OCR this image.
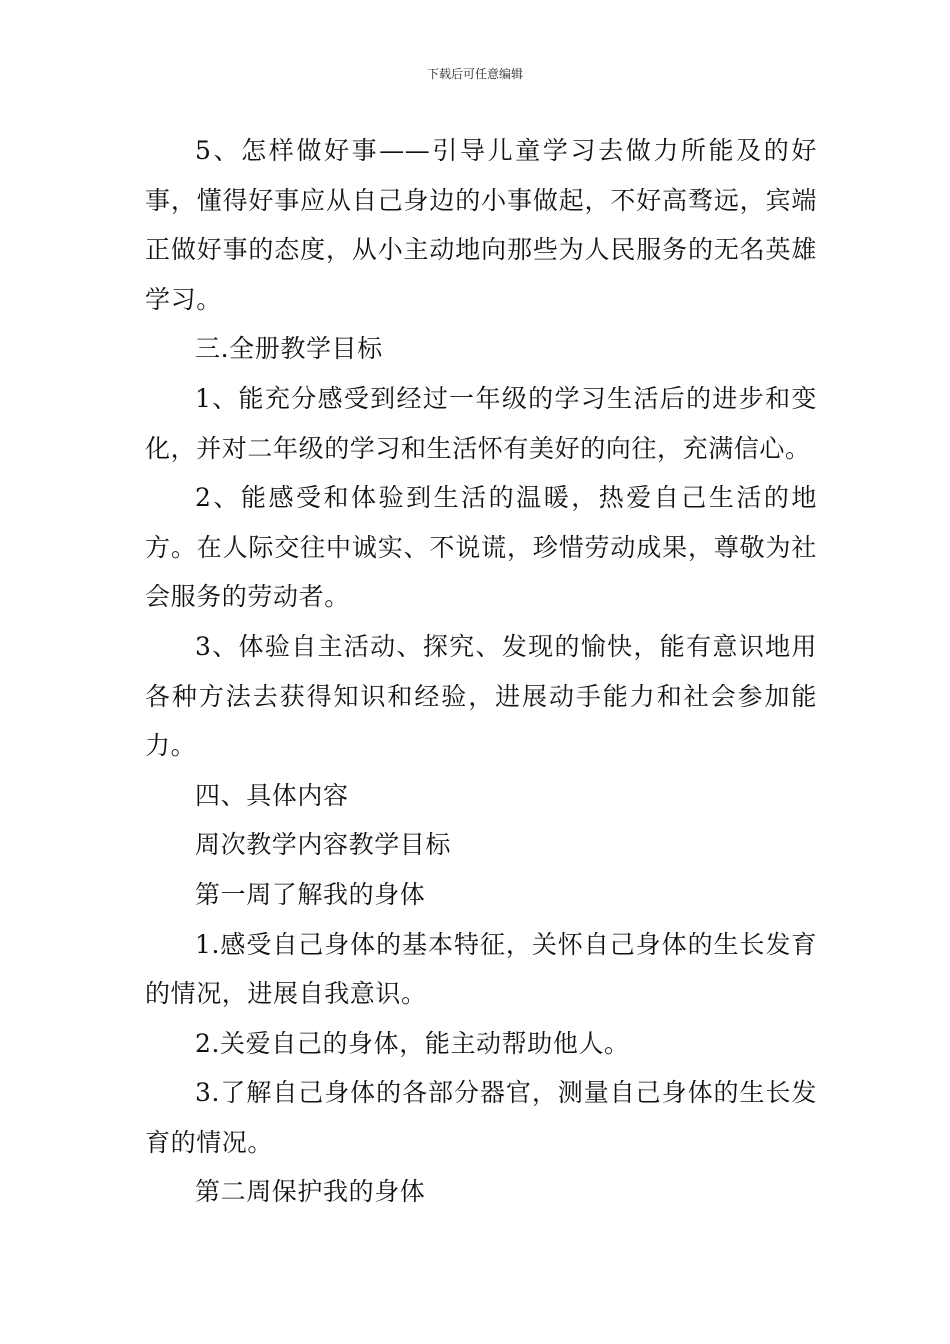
下载后可任意编辑

5、怎样做好事——引导儿童学习去做力所能及的好事，懂得好事应从自己身边的小事做起，不好高骛远，宾端正做好事的态度，从小主动地向那些为人民服务的无名英雄学习。

三.全册教学目标

1、能充分感受到经过一年级的学习生活后的进步和变化，并对二年级的学习和生活怀有美好的向往，充满信心。

2、能感受和体验到生活的温暖，热爱自己生活的地方。在人际交往中诚实、不说谎，珍惜劳动成果，尊敬为社会服务的劳动者。

3、体验自主活动、探究、发现的愉快，能有意识地用各种方法去获得知识和经验，进展动手能力和社会参加能力。

四、具体内容

周次教学内容教学目标

第一周了解我的身体

1.感受自己身体的基本特征，关怀自己身体的生长发育的情况，进展自我意识。

2.关爱自己的身体，能主动帮助他人。

3.了解自己身体的各部分器官，测量自己身体的生长发育的情况。

第二周保护我的身体
